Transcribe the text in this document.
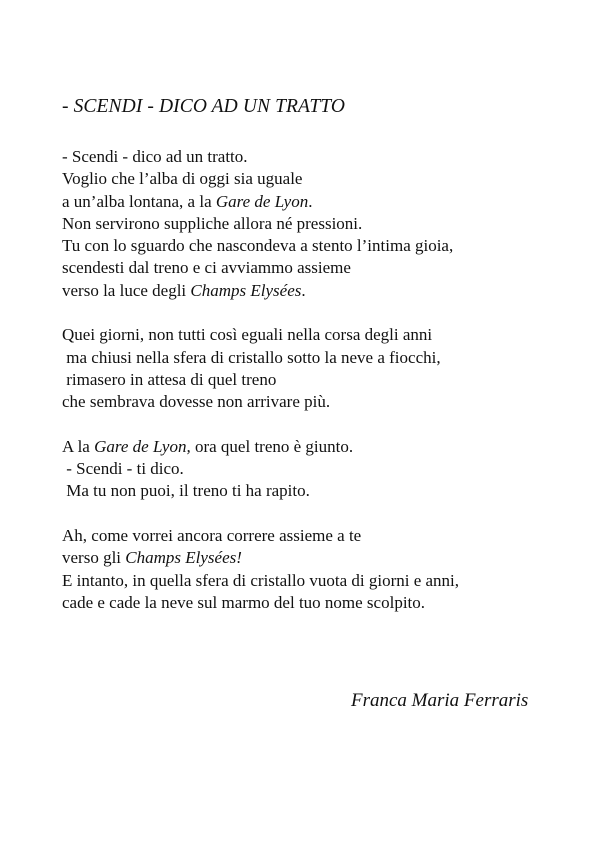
- SCENDI - DICO AD UN TRATTO
- Scendi - dico ad un tratto.
Voglio che l’alba di oggi sia uguale
a un’alba lontana, a la Gare de Lyon.
Non servirono suppliche allora né pressioni.
Tu con lo sguardo che nascondeva a stento l’intima gioia,
scendesti dal treno e ci avviammo assieme
verso la luce degli Champs Elysées.
Quei giorni, non tutti così eguali nella corsa degli anni
ma chiusi nella sfera di cristallo sotto la neve a fiocchi,
rimasero in attesa di quel treno
che sembrava dovesse non arrivare più.
A la Gare de Lyon, ora quel treno è giunto.
- Scendi - ti dico.
Ma tu non puoi, il treno ti ha rapito.
Ah, come vorrei ancora correre assieme a te
verso gli Champs Elysées!
E intanto, in quella sfera di cristallo vuota di giorni e anni,
cade e cade la neve sul marmo del tuo nome scolpito.
Franca Maria Ferraris
